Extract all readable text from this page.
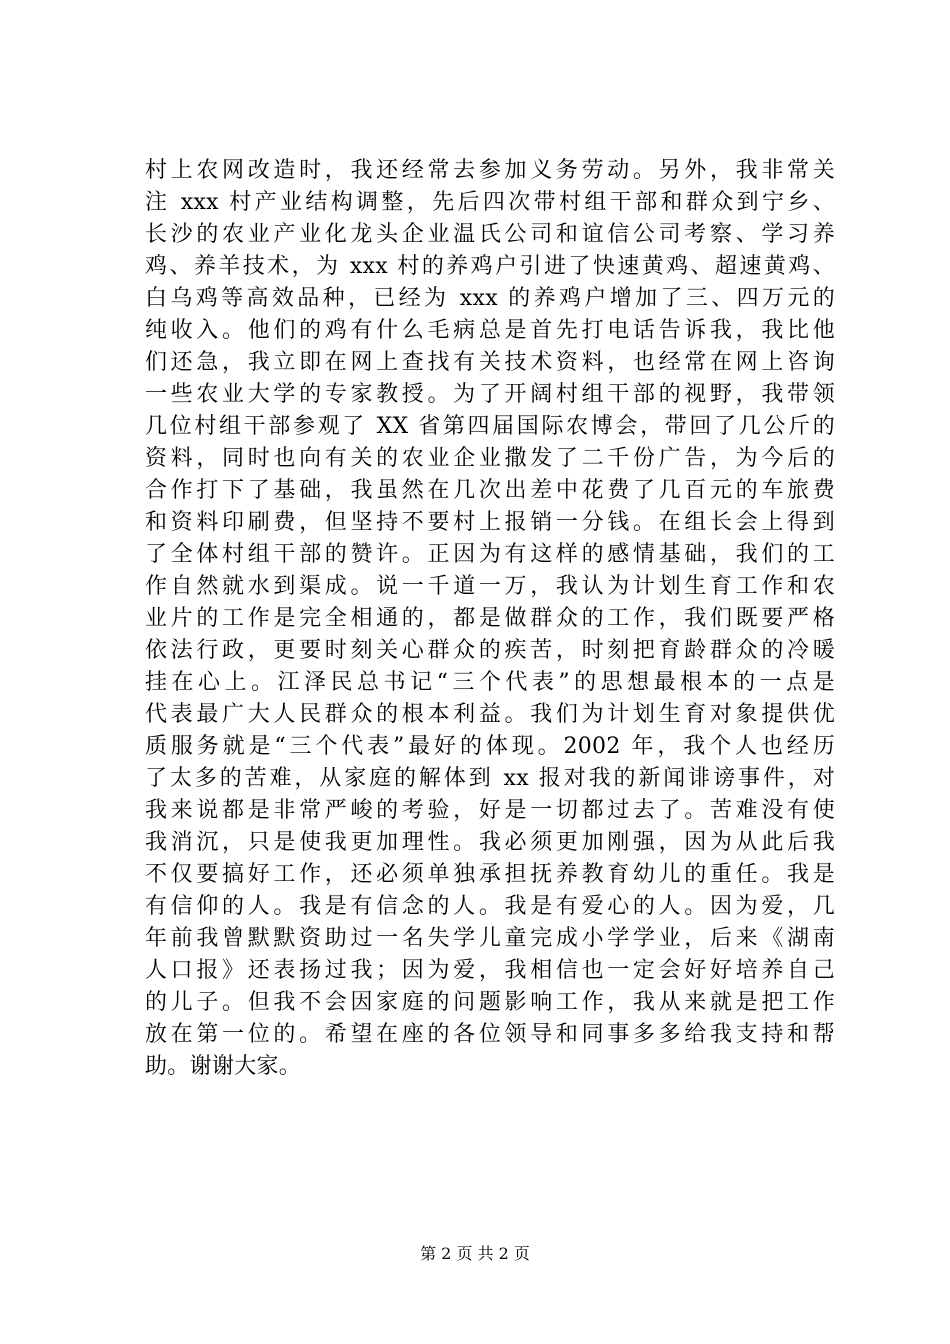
村上农网改造时，我还经常去参加义务劳动。另外，我非常关
注 xxx 村产业结构调整，先后四次带村组干部和群众到宁乡、
长沙的农业产业化龙头企业温氏公司和谊信公司考察、学习养
鸡、养羊技术，为 xxx 村的养鸡户引进了快速黄鸡、超速黄鸡、
白乌鸡等高效品种，已经为 xxx 的养鸡户增加了三、四万元的
纯收入。他们的鸡有什么毛病总是首先打电话告诉我，我比他
们还急，我立即在网上查找有关技术资料，也经常在网上咨询
一些农业大学的专家教授。为了开阔村组干部的视野，我带领
几位村组干部参观了 XX 省第四届国际农博会，带回了几公斤的
资料，同时也向有关的农业企业撒发了二千份广告，为今后的
合作打下了基础，我虽然在几次出差中花费了几百元的车旅费
和资料印刷费，但坚持不要村上报销一分钱。在组长会上得到
了全体村组干部的赞许。正因为有这样的感情基础，我们的工
作自然就水到渠成。说一千道一万，我认为计划生育工作和农
业片的工作是完全相通的，都是做群众的工作，我们既要严格
依法行政，更要时刻关心群众的疾苦，时刻把育龄群众的冷暖
挂在心上。江泽民总书记“三个代表”的思想最根本的一点是
代表最广大人民群众的根本利益。我们为计划生育对象提供优
质服务就是“三个代表”最好的体现。2002 年，我个人也经历
了太多的苦难，从家庭的解体到 xx 报对我的新闻诽谤事件，对
我来说都是非常严峻的考验，好是一切都过去了。苦难没有使
我消沉，只是使我更加理性。我必须更加刚强，因为从此后我
不仅要搞好工作，还必须单独承担抚养教育幼儿的重任。我是
有信仰的人。我是有信念的人。我是有爱心的人。因为爱，几
年前我曾默默资助过一名失学儿童完成小学学业，后来《湖南
人口报》还表扬过我；因为爱，我相信也一定会好好培养自己
的儿子。但我不会因家庭的问题影响工作，我从来就是把工作
放在第一位的。希望在座的各位领导和同事多多给我支持和帮
助。谢谢大家。
第 2 页 共 2 页
